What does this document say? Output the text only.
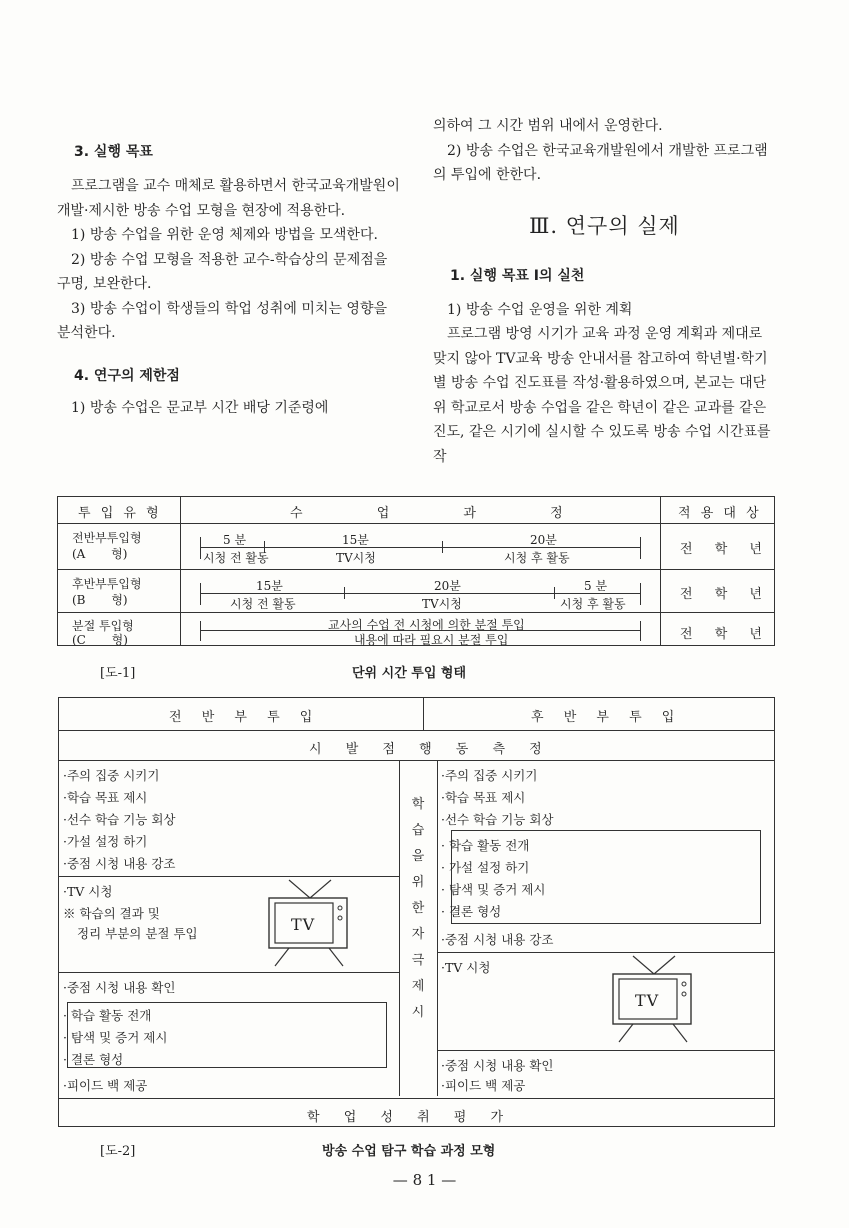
3. 실행 목표

프로그램을 교수 매체로 활용하면서 한국교육개발원이 개발·제시한 방송 수업 모형을 현장에 적용한다.

1) 방송 수업을 위한 운영 체제와 방법을 모색한다.

2) 방송 수업 모형을 적용한 교수-학습상의 문제점을 구명, 보완한다.

3) 방송 수업이 학생들의 학업 성취에 미치는 영향을 분석한다.

4. 연구의 제한점

1) 방송 수업은 문교부 시간 배당 기준령에

의하여 그 시간 범위 내에서 운영한다.

2) 방송 수업은 한국교육개발원에서 개발한 프로그램의 투입에 한한다.

Ⅲ. 연구의 실제
1. 실행 목표 Ⅰ의 실천

1) 방송 수업 운영을 위한 계획

프로그램 방영 시기가 교육 과정 운영 계획과 제대로 맞지 않아 TV교육 방송 안내서를 참고하여 학년별·학기별 방송 수업 진도표를 작성·활용하였으며, 본교는 대단위 학교로서 방송 수업을 같은 학년이 같은 교과를 같은 진도, 같은 시기에 실시할 수 있도록 방송 수업 시간표를 작

투 입 유 형	수 업 과 정	적 용 대 상
전반부투입형
(A 형)
5 분	15분	20분
시청 전 활동	TV시청	시청 후 활동
전 학 년
후반부투입형
(B 형)
15분	20분	5 분
시청 전 활동	TV시청	시청 후 활동
전 학 년
분절 투입형
(C 형)
교사의 수업 전 시청에 의한 분절 투입
내용에 따라 필요시 분절 투입	전 학 년
[도-1]	단위 시간 투입 형태
전 반 부 투 입	후 반 부 투 입
시 발 점 행 동 측 정
학
습
을
위
한
자
극
제
시
·주의 집중 시키기
·학습 목표 제시
·선수 학습 기능 회상
·가설 설정 하기
·중점 시청 내용 강조
·TV 시청
※ 학습의 결과 및
정리 부분의 분절 투입	TV
·중점 시청 내용 확인
· 학습 활동 전개
· 탐색 및 증거 제시
· 결론 형성
·피이드 백 제공
·주의 집중 시키기
·학습 목표 제시
·선수 학습 기능 회상
· 학습 활동 전개
· 가설 설정 하기
· 탐색 및 증거 제시
· 결론 형성
·중점 시청 내용 강조
·TV 시청
TV
·중점 시청 내용 확인
·피이드 백 제공
학 업 성 취 평 가
[도-2]	방송 수업 탐구 학습 과정 모형
— 8 1 —
